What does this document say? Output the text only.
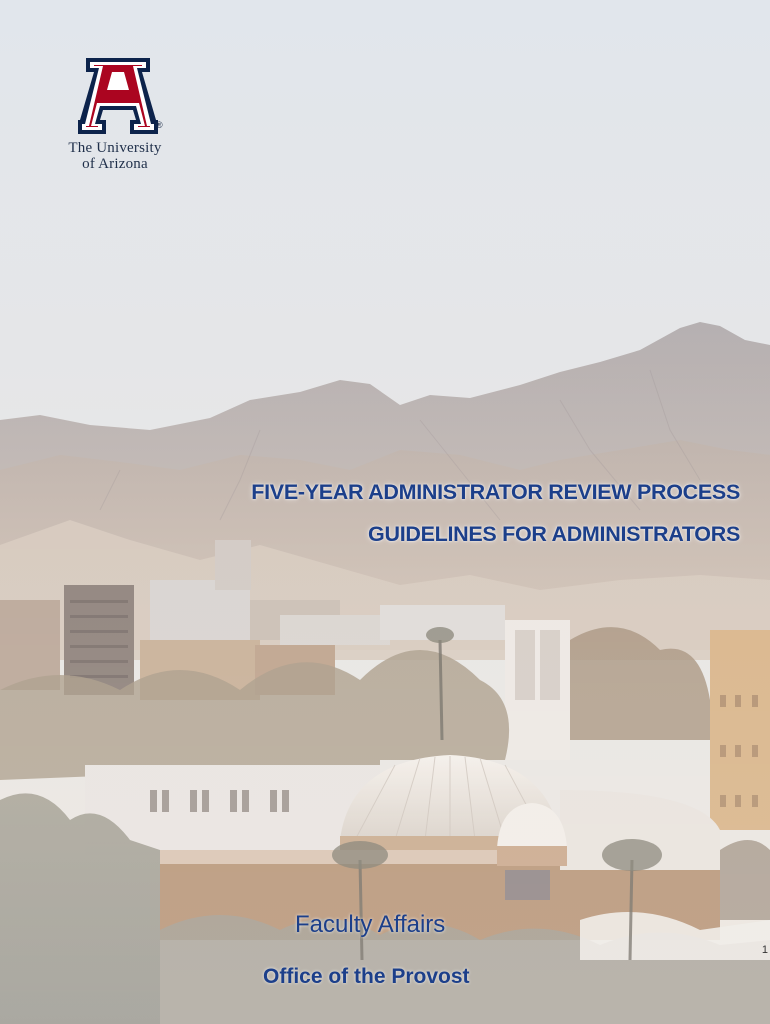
®
The University
of Arizona
FIVE-YEAR ADMINISTRATOR REVIEW PROCESS
GUIDELINES FOR ADMINISTRATORS
Faculty Affairs
Office of the Provost
1
